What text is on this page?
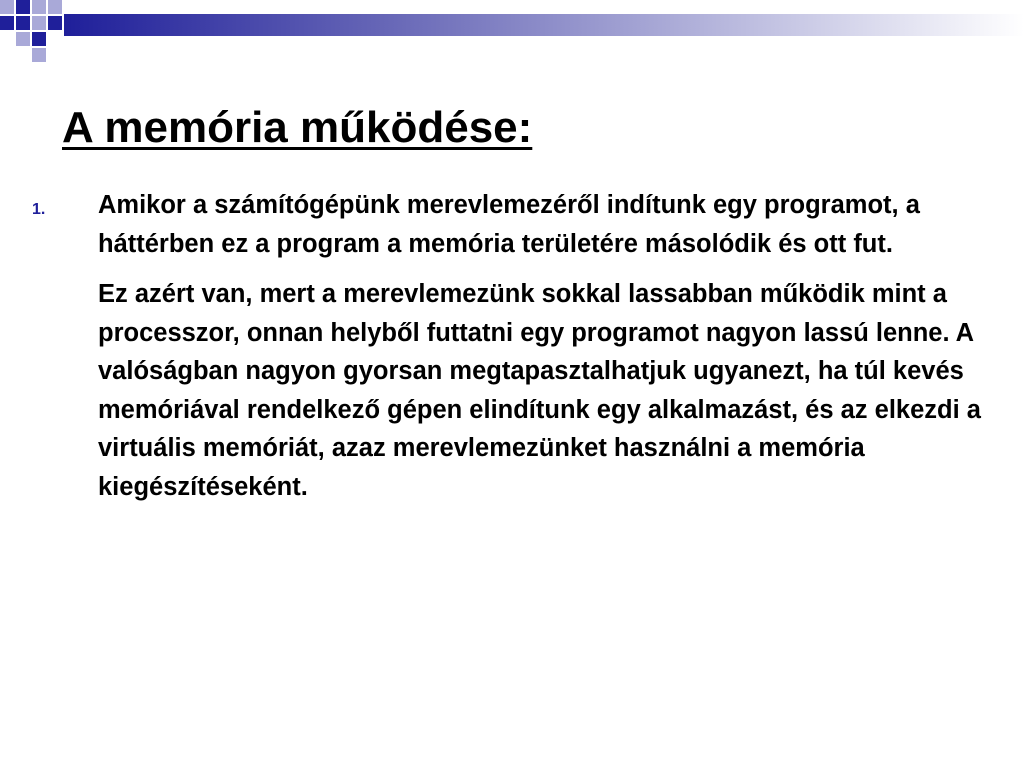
A memória működése:
1.	Amikor a számítógépünk merevlemezéről indítunk egy programot, a háttérben ez a program a memória területére másolódik és ott fut.

Ez azért van, mert a merevlemezünk sokkal lassabban működik mint a processzor, onnan helyből futtatni egy programot nagyon lassú lenne. A valóságban nagyon gyorsan megtapasztalhatjuk ugyanezt, ha túl kevés memóriával rendelkező gépen elindítunk egy alkalmazást, és az elkezdi a virtuális memóriát, azaz merevlemezünket használni a memória kiegészítéseként.
